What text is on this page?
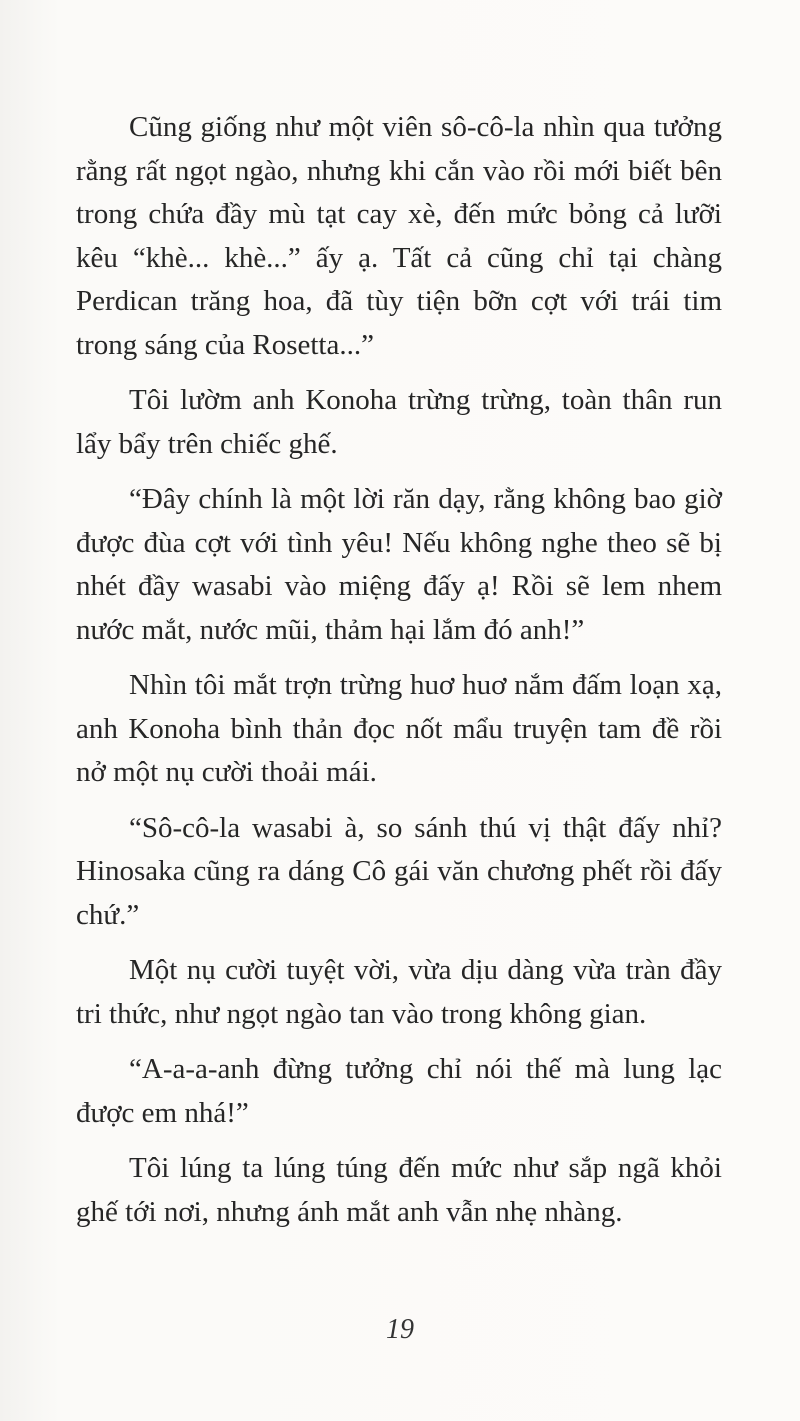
Cũng giống như một viên sô-cô-la nhìn qua tưởng rằng rất ngọt ngào, nhưng khi cắn vào rồi mới biết bên trong chứa đầy mù tạt cay xè, đến mức bỏng cả lưỡi kêu “khè... khè...” ấy ạ. Tất cả cũng chỉ tại chàng Perdican trăng hoa, đã tùy tiện bỡn cợt với trái tim trong sáng của Rosetta...”

Tôi lườm anh Konoha trừng trừng, toàn thân run lẩy bẩy trên chiếc ghế.

“Đây chính là một lời răn dạy, rằng không bao giờ được đùa cợt với tình yêu! Nếu không nghe theo sẽ bị nhét đầy wasabi vào miệng đấy ạ! Rồi sẽ lem nhem nước mắt, nước mũi, thảm hại lắm đó anh!”

Nhìn tôi mắt trợn trừng huơ huơ nắm đấm loạn xạ, anh Konoha bình thản đọc nốt mẩu truyện tam đề rồi nở một nụ cười thoải mái.

“Sô-cô-la wasabi à, so sánh thú vị thật đấy nhỉ? Hinosaka cũng ra dáng Cô gái văn chương phết rồi đấy chứ.”

Một nụ cười tuyệt vời, vừa dịu dàng vừa tràn đầy tri thức, như ngọt ngào tan vào trong không gian.

“A-a-a-anh đừng tưởng chỉ nói thế mà lung lạc được em nhá!”

Tôi lúng ta lúng túng đến mức như sắp ngã khỏi ghế tới nơi, nhưng ánh mắt anh vẫn nhẹ nhàng.

19
